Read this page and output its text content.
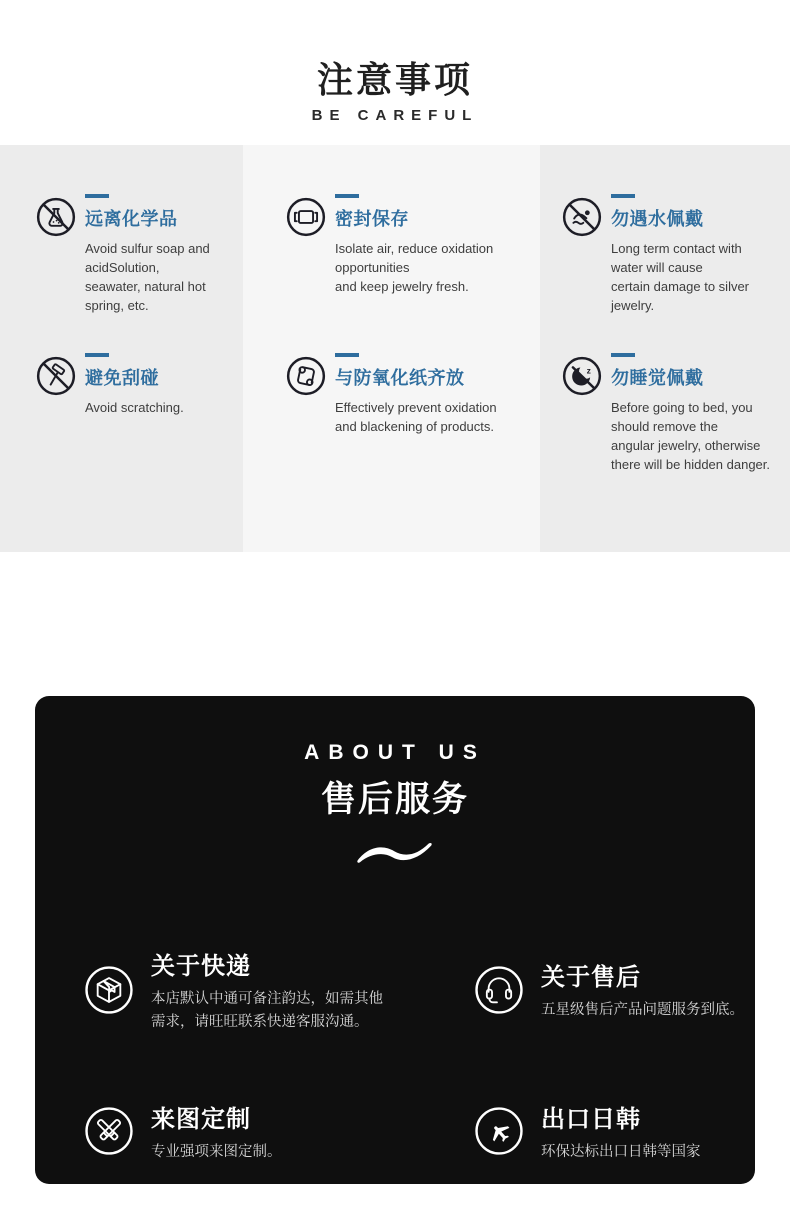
注意事项
BE CAREFUL
远离化学品

Avoid sulfur soap and

acidSolution,

seawater, natural hot

spring, etc.

避免刮碰

Avoid scratching.

密封保存

Isolate air, reduce oxidation

opportunities

and keep jewelry fresh.

与防氧化纸齐放

Effectively prevent oxidation

and blackening of products.

勿遇水佩戴

Long term contact with

water will cause

certain damage to silver

jewelry.

z 勿睡觉佩戴

Before going to bed, you

should remove the

angular jewelry, otherwise

there will be hidden danger.

ABOUT US
售后服务
关于快递
本店默认中通可备注韵达，如需其他
需求，请旺旺联系快递客服沟通。
关于售后
五星级售后产品问题服务到底。
来图定制
专业强项来图定制。
出口日韩
环保达标出口日韩等国家
